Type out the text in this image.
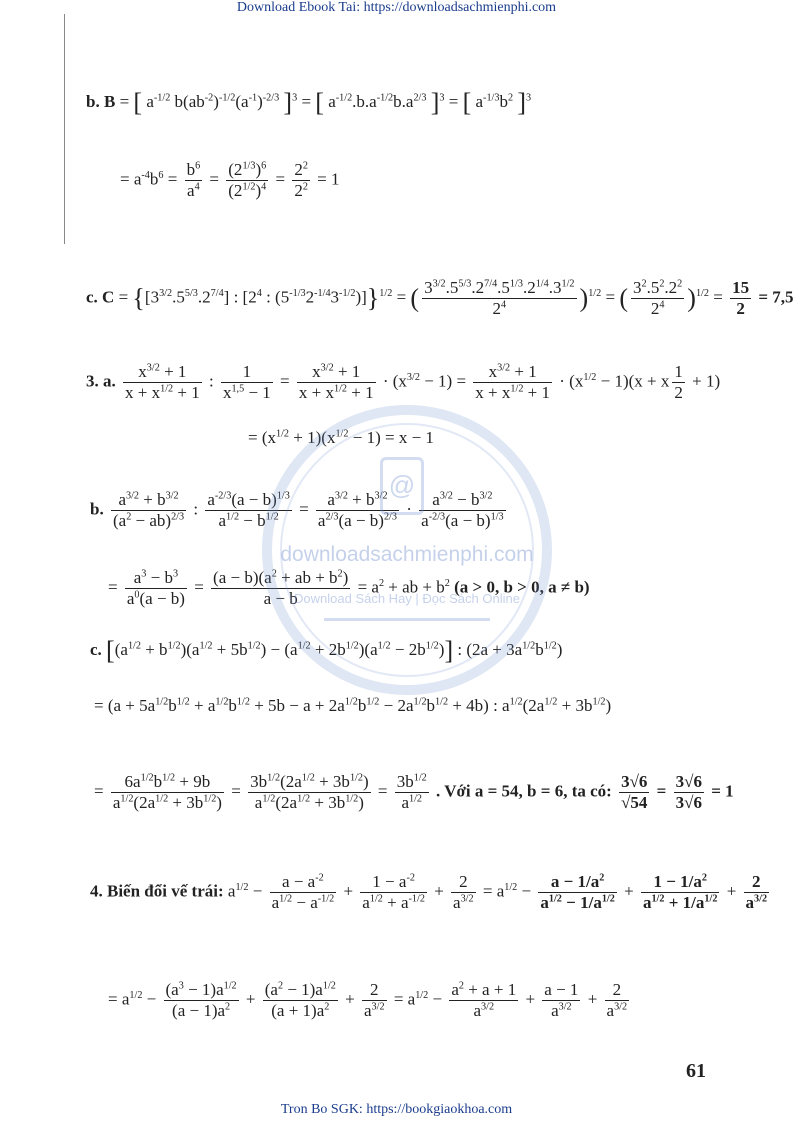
Download Ebook Tai: https://downloadsachmienphi.com
b. B = [ $a^{-1/2}$ $b(ab^{-2})^{-1/2}(a^{-1})^{-2/3}$ ]$^3$ = [ $a^{-1/2}.b.a^{-1/2}b.a^{2/3}$ ]$^3$ = [ $a^{-1/3}b^2$ ]$^3$
= $a^{-4}b^6 = \frac{b^6}{a^4} = \frac{(2^{1/3})^6}{(2^{1/2})^4} = \frac{2^2}{2^2} = 1$
c. $C = \{[3^{3/2}.5^{5/3}.2^{7/4}]$ : [$2^4$ : $(5^{-1/3}2^{-1/4}3^{-1/2})]\}^{1/2}$ = ( $\frac{3^{3/2}.5^{5/3}.2^{7/4}.5^{1/3}.2^{1/4}.3^{1/2}}{2^4} )^{1/2}$ = ( $\frac{3^2.5^2.2^2}{2^4} )^{1/2} = \frac{15}{2} = 7,5$
3. a. $\frac{x^{3/2} + 1}{x + x^{1/2} + 1}$ : $\frac{1}{x^{1,5} - 1} = \frac{x^{3/2} + 1}{x + x^{1/2} + 1} \cdot (x^{3/2} - 1) = \frac{x^{3/2} + 1}{x + x^{1/2} + 1} \cdot (x^{1/2} - 1)(x + x \frac{1}{2} + 1)$
= $(x^{1/2} + 1)(x^{1/2} - 1) = x - 1$
b. $\frac{a^{3/2} + b^{3/2}}{(a^2 - ab)^{2/3}}$ : $\frac{a^{-2/3}(a - b)^{1/3}}{a^{1/2} - b^{1/2}} = \frac{a^{3/2} + b^{3/2}}{a^{2/3}(a - b)^{2/3}} \cdot \frac{a^{3/2} - b^{3/2}}{a^{-2/3}(a - b)^{1/3}}$
= $\frac{a^3 - b^3}{a^0(a - b)} = \frac{(a - b)(a^2 + ab + b^2)}{a - b} = a^2$ + ab + $b^2$ (a > 0, b > 0, a ≠ b)
c. $[(a^{1/2} + b^{1/2})(a^{1/2} + 5b^{1/2}) - (a^{1/2} + 2b^{1/2})(a^{1/2} - 2b^{1/2})]$ : $(2a + 3a^{1/2}b^{1/2})$
= $(a + 5a^{1/2}b^{1/2} + a^{1/2}b^{1/2} + 5b - a + 2a^{1/2}b^{1/2} - 2a^{1/2}b^{1/2} + 4b)$ : $a^{1/2}(2a^{1/2} + 3b^{1/2})$
= $\frac{6a^{1/2}b^{1/2} + 9b}{a^{1/2}(2a^{1/2} + 3b^{1/2})} = \frac{3b^{1/2}(2a^{1/2} + 3b^{1/2})}{a^{1/2}(2a^{1/2} + 3b^{1/2})} = \frac{3b^{1/2}}{a^{1/2}}$ . Với a = 54, b = 6, ta có: $\frac{3√6}{√54} = \frac{3√6}{3√6} = 1$
4. Biến đổi vế trái: $a^{1/2} - \frac{a - a^{-2}}{a^{1/2} - a^{-1/2}} + \frac{1 - a^{-2}}{a^{1/2} + a^{-1/2}} + \frac{2}{a^{3/2}} = a^{1/2} - \frac{a - 1/a^2}{a^{1/2} - 1/a^{1/2}} + \frac{1 - 1/a^2}{a^{1/2} + 1/a^{1/2}} + \frac{2}{a^{3/2}}$
= $a^{1/2} - \frac{(a^3 - 1)a^{1/2}}{(a - 1)a^2} + \frac{(a^2 - 1)a^{1/2}}{(a + 1)a^2} + \frac{2}{a^{3/2}} = a^{1/2} - \frac{a^2 + a + 1}{a^{3/2}} + \frac{a - 1}{a^{3/2}} + \frac{2}{a^{3/2}}$
@
downloadsachmienphi.com
Download Sách Hay | Đọc Sách Online
61
Tron Bo SGK: https://bookgiaokhoa.com
